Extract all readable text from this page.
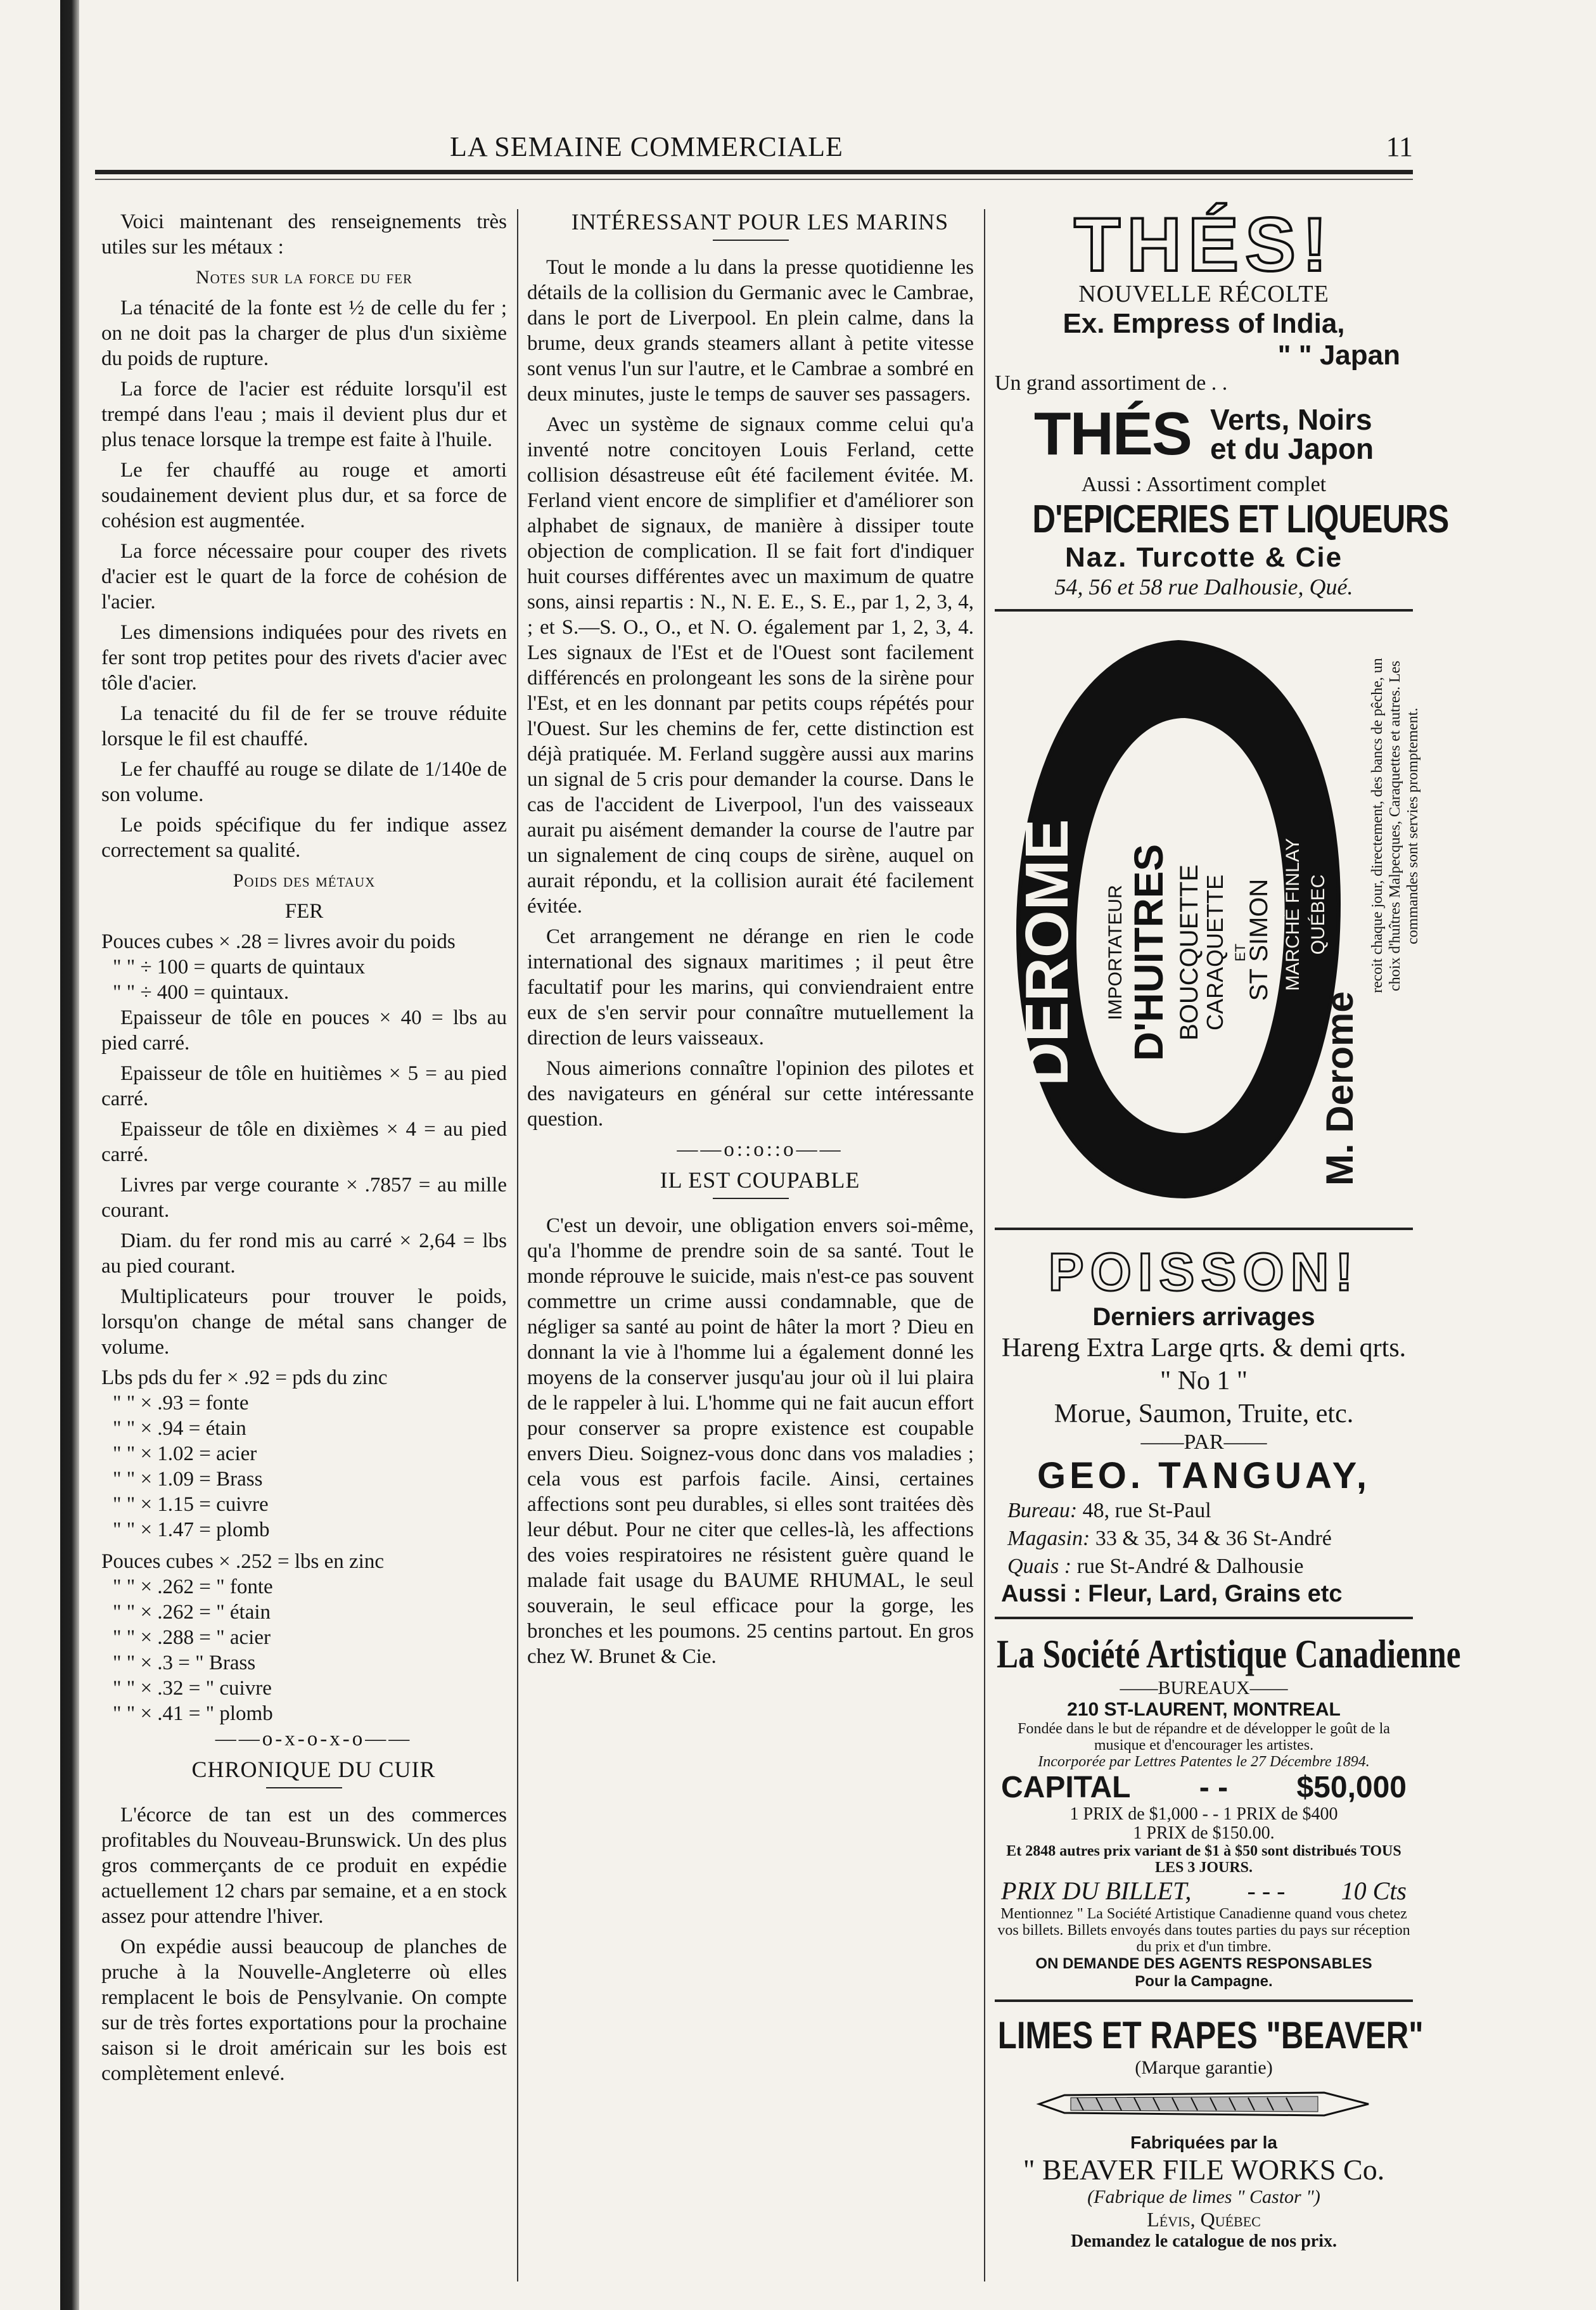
LA SEMAINE COMMERCIALE	11

Voici maintenant des renseignements très utiles sur les métaux :

Notes sur la force du fer

La ténacité de la fonte est ½ de celle du fer ; on ne doit pas la charger de plus d'un sixième du poids de rupture.

La force de l'acier est réduite lorsqu'il est trempé dans l'eau ; mais il devient plus dur et plus tenace lorsque la trempe est faite à l'huile.

Le fer chauffé au rouge et amorti soudainement devient plus dur, et sa force de cohésion est augmentée.

La force nécessaire pour couper des rivets d'acier est le quart de la force de cohésion de l'acier.

Les dimensions indiquées pour des rivets en fer sont trop petites pour des rivets d'acier avec tôle d'acier.

La tenacité du fil de fer se trouve réduite lorsque le fil est chauffé.

Le fer chauffé au rouge se dilate de 1/140e de son volume.

Le poids spécifique du fer indique assez correctement sa qualité.

Poids des métaux

FER

Pouces cubes × .28 = livres avoir du poids

" " ÷ 100 = quarts de quintaux

" " ÷ 400 = quintaux.

Epaisseur de tôle en pouces × 40 = lbs au pied carré.

Epaisseur de tôle en huitièmes × 5 = au pied carré.

Epaisseur de tôle en dixièmes × 4 = au pied carré.

Livres par verge courante × .7857 = au mille courant.

Diam. du fer rond mis au carré × 2,64 = lbs au pied courant.

Multiplicateurs pour trouver le poids, lorsqu'on change de métal sans changer de volume.

Lbs pds du fer × .92 = pds du zinc

" " × .93 = fonte

" " × .94 = étain

" " × 1.02 = acier

" " × 1.09 = Brass

" " × 1.15 = cuivre

" " × 1.47 = plomb

Pouces cubes × .252 = lbs en zinc

" " × .262 = " fonte

" " × .262 = " étain

" " × .288 = " acier

" " × .3 = " Brass

" " × .32 = " cuivre

" " × .41 = " plomb

——o-x-o-x-o——

CHRONIQUE DU CUIR

L'écorce de tan est un des commerces profitables du Nouveau-Brunswick. Un des plus gros commerçants de ce produit en expédie actuellement 12 chars par semaine, et a en stock assez pour attendre l'hiver.

On expédie aussi beaucoup de planches de pruche à la Nouvelle-Angleterre où elles remplacent le bois de Pensylvanie. On compte sur de très fortes exportations pour la prochaine saison si le droit américain sur les bois est complètement enlevé.

INTÉRESSANT POUR LES MARINS

Tout le monde a lu dans la presse quotidienne les détails de la collision du Germanic avec le Cambrae, dans le port de Liverpool. En plein calme, dans la brume, deux grands steamers allant à petite vitesse sont venus l'un sur l'autre, et le Cambrae a sombré en deux minutes, juste le temps de sauver ses passagers.

Avec un système de signaux comme celui qu'a inventé notre concitoyen Louis Ferland, cette collision désastreuse eût été facilement évitée. M. Ferland vient encore de simplifier et d'améliorer son alphabet de signaux, de manière à dissiper toute objection de complication. Il se fait fort d'indiquer huit courses différentes avec un maximum de quatre sons, ainsi repartis : N., N. E. E., S. E., par 1, 2, 3, 4, ; et S.—S. O., O., et N. O. également par 1, 2, 3, 4. Les signaux de l'Est et de l'Ouest sont facilement différencés en prolongeant les sons de la sirène pour l'Est, et en les donnant par petits coups répétés pour l'Ouest. Sur les chemins de fer, cette distinction est déjà pratiquée. M. Ferland suggère aussi aux marins un signal de 5 cris pour demander la course. Dans le cas de l'accident de Liverpool, l'un des vaisseaux aurait pu aisément demander la course de l'autre par un signalement de cinq coups de sirène, auquel on aurait répondu, et la collision aurait été facilement évitée.

Cet arrangement ne dérange en rien le code international des signaux maritimes ; il peut être facultatif pour les marins, qui conviendraient entre eux de s'en servir pour connaître mutuellement la direction de leurs vaisseaux.

Nous aimerions connaître l'opinion des pilotes et des navigateurs en général sur cette intéressante question.

——o::o::o——

IL EST COUPABLE

C'est un devoir, une obligation envers soi-même, qu'a l'homme de prendre soin de sa santé. Tout le monde réprouve le suicide, mais n'est-ce pas souvent commettre un crime aussi condamnable, que de négliger sa santé au point de hâter la mort ? Dieu en donnant la vie à l'homme lui a également donné les moyens de la conserver jusqu'au jour où il lui plaira de le rappeler à lui. L'homme qui ne fait aucun effort pour conserver sa propre existence est coupable envers Dieu. Soignez-vous donc dans vos maladies ; cela vous est parfois facile. Ainsi, certaines affections sont peu durables, si elles sont traitées dès leur début. Pour ne citer que celles-là, les affections des voies respiratoires ne résistent guère quand le malade fait usage du BAUME RHUMAL, le seul souverain, le seul efficace pour la gorge, les bronches et les poumons. 25 centins partout. En gros chez W. Brunet & Cie.

THÉS!
NOUVELLE RÉCOLTE
Ex. Empress of India,
" " Japan
Un grand assortiment de . .
THÉS Verts, Noirs
et du Japon
Aussi : Assortiment complet
D'EPICERIES ET LIQUEURS
Naz. Turcotte & Cie
54, 56 et 58 rue Dalhousie, Qué.
DEROME IMPORTATEUR D'HUITRES BOUCQUETTE
CARAQUETTE ET
ST SIMON MARCHÉ FINLAY QUÉBEC	recoit chaque jour, directement, des bancs de pêche, un choix d'huîtres Malpecques, Caraquettes et autres. Les commandes sont servies promptement.
M. Derome
POISSON!
Derniers arrivages
Hareng Extra Large qrts. & demi qrts.
" No 1 "
Morue, Saumon, Truite, etc.
——PAR——
GEO. TANGUAY,
Bureau: 48, rue St-Paul
Magasin: 33 & 35, 34 & 36 St-André
Quais : rue St-André & Dalhousie
Aussi : Fleur, Lard, Grains etc
La Société Artistique Canadienne
——BUREAUX——
210 ST-LAURENT, MONTREAL
Fondée dans le but de répandre et de développer le goût de la musique et d'encourager les artistes.
Incorporée par Lettres Patentes le 27 Décembre 1894.
CAPITAL - - $50,000
1 PRIX de $1,000 - - 1 PRIX de $400
1 PRIX de $150.00.
Et 2848 autres prix variant de $1 à $50 sont distribués TOUS LES 3 JOURS.
PRIX DU BILLET, - - - 10 Cts
Mentionnez " La Société Artistique Canadienne quand vous chetez vos billets. Billets envoyés dans toutes parties du pays sur réception du prix et d'un timbre.
ON DEMANDE DES AGENTS RESPONSABLES
Pour la Campagne.
LIMES ET RAPES "BEAVER"
(Marque garantie)
Fabriquées par la
" BEAVER FILE WORKS Co.
(Fabrique de limes " Castor ")
Lévis, Québec
Demandez le catalogue de nos prix.
